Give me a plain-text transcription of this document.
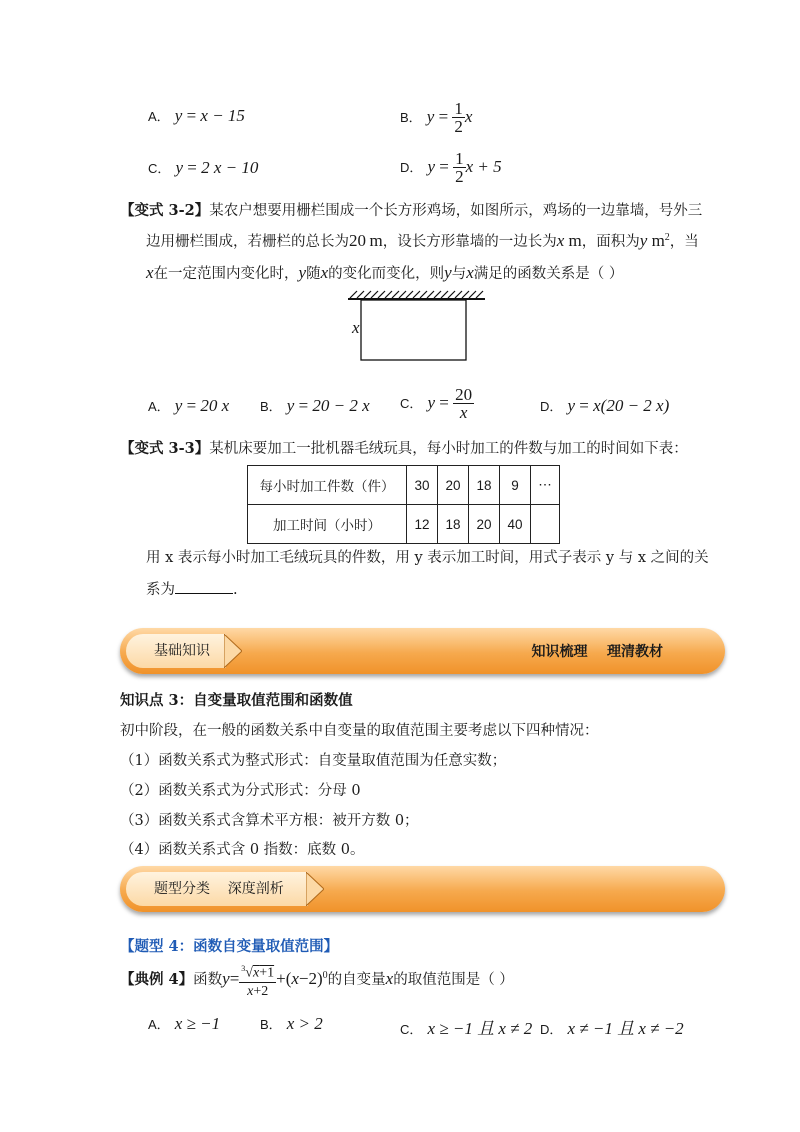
A． y = x − 15	B． $y = \frac{1}{2}$ x
C． y = 2 x − 10	D． $y = \frac{1}{2}$ x + 5
【变式 3-2】某农户想要用栅栏围成一个长方形鸡场，如图所示，鸡场的一边靠墙，号外三
边用栅栏围成，若栅栏的总长为20 m，设长方形靠墙的一边长为x m，面积为y $m^2$，当
x在一定范围内变化时，y随x的变化而变化，则y与x满足的函数关系是（ ）
x
A． y = 20 x B． y = 20 − 2 x C． $y = \frac{20}{x}$	D． y = x(20 − 2 x)
【变式 3-3】某机床要加工一批机器毛绒玩具，每小时加工的件数与加工的时间如下表：
每小时加工件数（件）	30	20	18	9	⋯
加工时间（小时）	12	18	20	40	
用 x 表示每小时加工毛绒玩具的件数，用 y 表示加工时间，用式子表示 y 与 x 之间的关
系为	.
基础知识	知识梳理    理清教材
知识点 3：自变量取值范围和函数值
初中阶段，在一般的函数关系中自变量的取值范围主要考虑以下四种情况：
（1）函数关系式为整式形式：自变量取值范围为任意实数；
（2）函数关系式为分式形式：分母 0
（3）函数关系式含算术平方根：被开方数 0；
（4）函数关系式含 0 指数：底数 0。
题型分类    深度剖析
【题型 4：函数自变量取值范围】
【典例 4】函数$y= \frac{^3√x+1}{x+2} +(x-2)^0$的自变量x的取值范围是（ ）
A． x ≥ −1	B． x > 2	C． x ≥ −1 且 x ≠ 2 D． x ≠ −1 且 x ≠ −2
